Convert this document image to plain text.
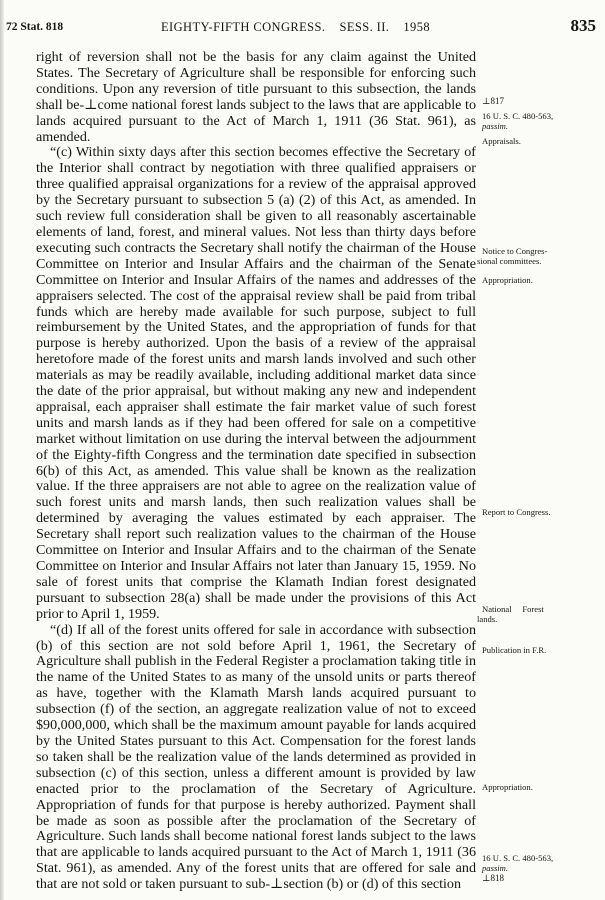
72 Stat. 818	EIGHTY-FIFTH CONGRESS. SESS. II. 1958	835

right of reversion shall not be the basis for any claim against the United States. The Secretary of Agriculture shall be responsible for enforcing such conditions. Upon any reversion of title pursuant to this subsection, the lands shall be-⊥come national forest lands subject to the laws that are applicable to lands acquired pursuant to the Act of March 1, 1911 (36 Stat. 961), as amended.

“(c) Within sixty days after this section becomes effective the Secretary of the Interior shall contract by negotiation with three qualified appraisers or three qualified appraisal organizations for a review of the appraisal approved by the Secretary pursuant to subsection 5 (a) (2) of this Act, as amended. In such review full consideration shall be given to all reasonably ascertainable elements of land, forest, and mineral values. Not less than thirty days before executing such contracts the Secretary shall notify the chairman of the House Committee on Interior and Insular Affairs and the chairman of the Senate Committee on Interior and Insular Affairs of the names and addresses of the appraisers selected. The cost of the appraisal review shall be paid from tribal funds which are hereby made available for such purpose, subject to full reimbursement by the United States, and the appropriation of funds for that purpose is hereby authorized. Upon the basis of a review of the appraisal heretofore made of the forest units and marsh lands involved and such other materials as may be readily available, including additional market data since the date of the prior appraisal, but without making any new and independent appraisal, each appraiser shall estimate the fair market value of such forest units and marsh lands as if they had been offered for sale on a competitive market without limitation on use during the interval between the adjournment of the Eighty-fifth Congress and the termination date specified in subsection 6(b) of this Act, as amended. This value shall be known as the realization value. If the three appraisers are not able to agree on the realization value of such forest units and marsh lands, then such realization values shall be determined by averaging the values estimated by each appraiser. The Secretary shall report such realization values to the chairman of the House Committee on Interior and Insular Affairs and to the chairman of the Senate Committee on Interior and Insular Affairs not later than January 15, 1959. No sale of forest units that comprise the Klamath Indian forest designated pursuant to subsection 28(a) shall be made under the provisions of this Act prior to April 1, 1959.

“(d) If all of the forest units offered for sale in accordance with subsection (b) of this section are not sold before April 1, 1961, the Secretary of Agriculture shall publish in the Federal Register a proclamation taking title in the name of the United States to as many of the unsold units or parts thereof as have, together with the Klamath Marsh lands acquired pursuant to subsection (f) of the section, an aggregate realization value of not to exceed $90,000,000, which shall be the maximum amount payable for lands acquired by the United States pursuant to this Act. Compensation for the forest lands so taken shall be the realization value of the lands determined as provided in subsection (c) of this section, unless a different amount is provided by law enacted prior to the proclamation of the Secretary of Agriculture. Appropriation of funds for that purpose is hereby authorized. Payment shall be made as soon as possible after the proclamation of the Secretary of Agriculture. Such lands shall become national forest lands subject to the laws that are applicable to lands acquired pursuant to the Act of March 1, 1911 (36 Stat. 961), as amended. Any of the forest units that are offered for sale and that are not sold or taken pursuant to sub-⊥section (b) or (d) of this section

⊥817
16 U. S. C. 480-563,
passim.
Appraisals.
Notice to Congres-
sional committees.
Appropriation.
Report to Congress.
National     Forest
lands.
Publication in F.R.
Appropriation.
16 U. S. C. 480-563,
passim.
⊥818
